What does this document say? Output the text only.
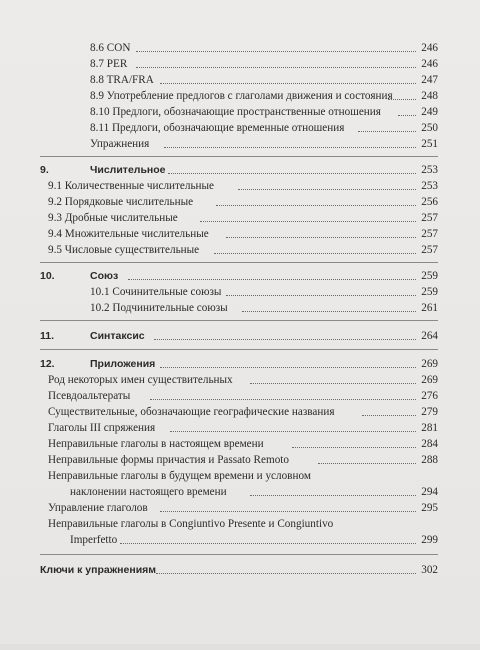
8.6 CON	246
8.7 PER	246
8.8 TRA/FRA	247
8.9 Употребление предлогов с глаголами движения и состояния	248
8.10 Предлоги, обозначающие пространственные отношения	249
8.11 Предлоги, обозначающие временные отношения	250
Упражнения	251
9.	Числительное	253
9.1 Количественные числительные	253
9.2 Порядковые числительные	256
9.3 Дробные числительные	257
9.4 Множительные числительные	257
9.5 Числовые существительные	257
10.	Союз	259
10.1 Сочинительные союзы	259
10.2 Подчинительные союзы	261
11.	Синтаксис	264
12.	Приложения	269
Род некоторых имен существительных	269
Псевдоальтераты	276
Существительные, обозначающие географические названия	279
Глаголы III спряжения	281
Неправильные глаголы в настоящем времени	284
Неправильные формы причастия и Passato Remoto	288
Неправильные глаголы в будущем времени и условном
наклонении настоящего времени	294
Управление глаголов	295
Неправильные глаголы в Congiuntivo Presente и Congiuntivo
Imperfetto	299
Ключи к упражнениям	302
